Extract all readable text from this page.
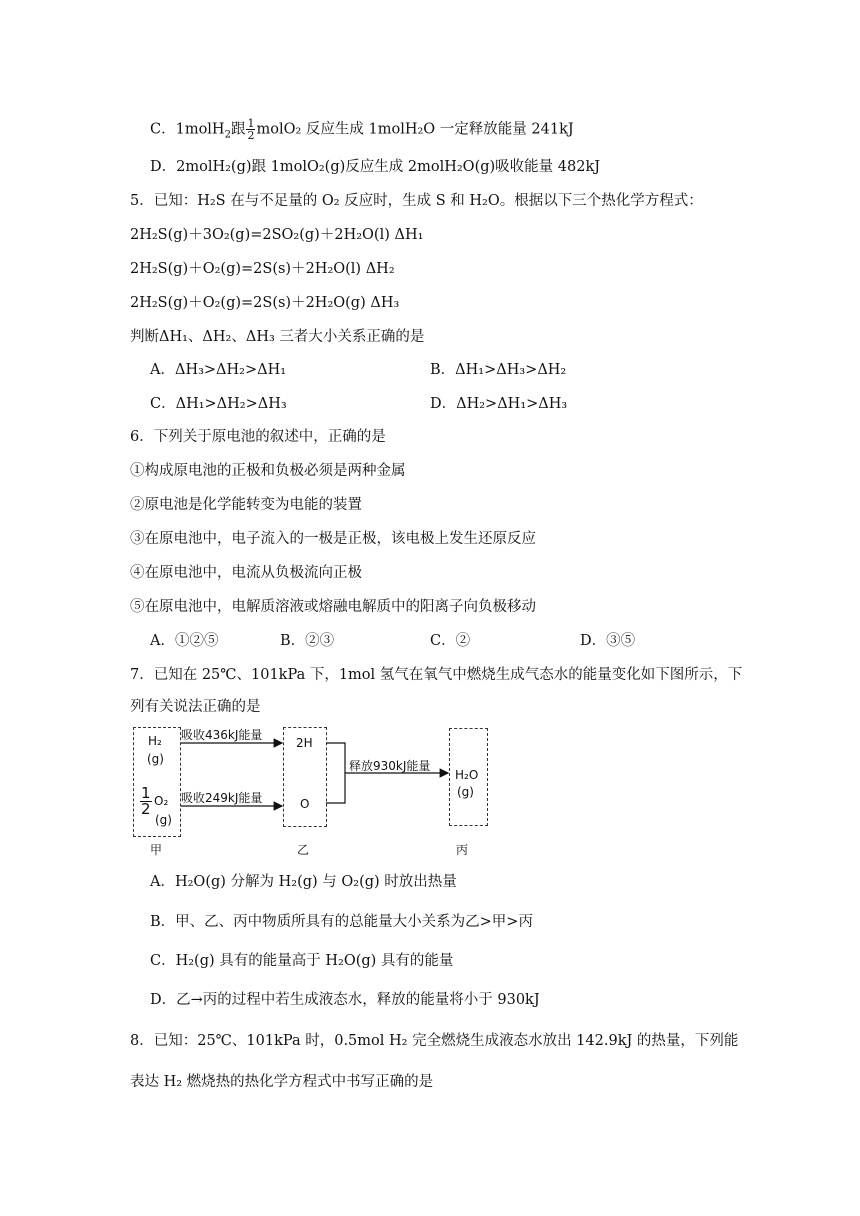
C．1molH$_2$跟 $\frac{1}{2}$ molO₂ 反应生成 1molH₂O 一定释放能量 241kJ
D．2molH₂(g)跟 1molO₂(g)反应生成 2molH₂O(g)吸收能量 482kJ
5．已知：H₂S 在与不足量的 O₂ 反应时，生成 S 和 H₂O。根据以下三个热化学方程式：
2H₂S(g)＋3O₂(g)=2SO₂(g)＋2H₂O(l) ΔH₁
2H₂S(g)＋O₂(g)=2S(s)＋2H₂O(l) ΔH₂
2H₂S(g)＋O₂(g)=2S(s)＋2H₂O(g) ΔH₃
判断ΔH₁、ΔH₂、ΔH₃ 三者大小关系正确的是
A．ΔH₃>ΔH₂>ΔH₁	B．ΔH₁>ΔH₃>ΔH₂
C．ΔH₁>ΔH₂>ΔH₃	D．ΔH₂>ΔH₁>ΔH₃
6．下列关于原电池的叙述中，正确的是
①构成原电池的正极和负极必须是两种金属
②原电池是化学能转变为电能的装置
③在原电池中，电子流入的一极是正极，该电极上发生还原反应
④在原电池中，电流从负极流向正极
⑤在原电池中，电解质溶液或熔融电解质中的阳离子向负极移动
A．①②⑤	B．②③	C．②	D．③⑤
7．已知在 25℃、101kPa 下，1mol 氢气在氧气中燃烧生成气态水的能量变化如下图所示，下
列有关说法正确的是
H₂
(g)
$\frac{1}{2} O_2$
(g)
2H
O
H₂O
(g)
吸收436kJ能量
吸收249kJ能量
释放930kJ能量
甲	乙	丙
A．H₂O(g) 分解为 H₂(g) 与 O₂(g) 时放出热量
B．甲、乙、丙中物质所具有的总能量大小关系为乙>甲>丙
C．H₂(g) 具有的能量高于 H₂O(g) 具有的能量
D．乙→丙的过程中若生成液态水，释放的能量将小于 930kJ
8．已知：25℃、101kPa 时，0.5mol H₂ 完全燃烧生成液态水放出 142.9kJ 的热量，下列能
表达 H₂ 燃烧热的热化学方程式中书写正确的是
